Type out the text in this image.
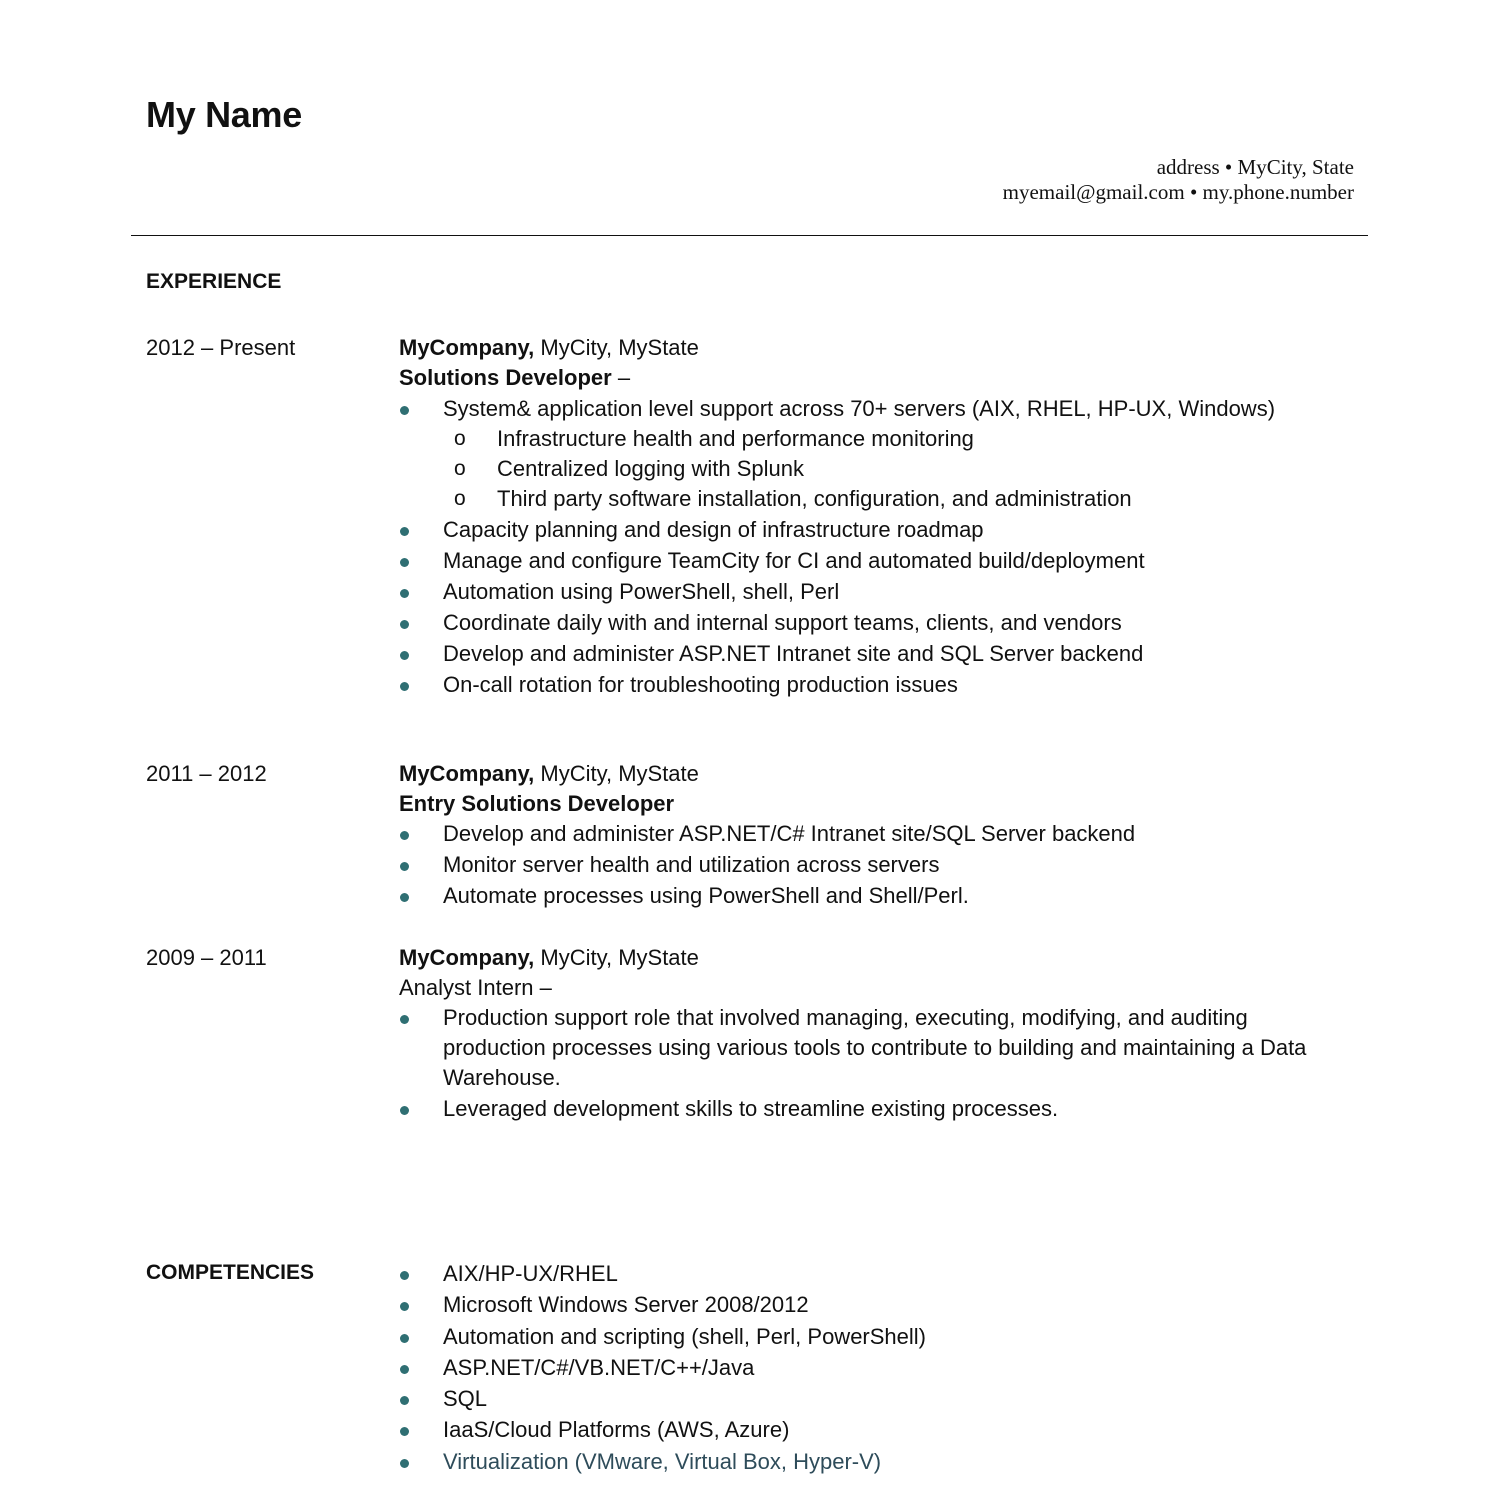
My Name
address • MyCity, State
myemail@gmail.com • my.phone.number
EXPERIENCE
2012 – Present	MyCompany, MyCity, MyState
Solutions Developer –
System& application level support across 70+ servers (AIX, RHEL, HP-UX, Windows)
o Infrastructure health and performance monitoring
o Centralized logging with Splunk
o Third party software installation, configuration, and administration
Capacity planning and design of infrastructure roadmap
Manage and configure TeamCity for CI and automated build/deployment
Automation using PowerShell, shell, Perl
Coordinate daily with and internal support teams, clients, and vendors
Develop and administer ASP.NET Intranet site and SQL Server backend
On-call rotation for troubleshooting production issues
2011 – 2012	MyCompany, MyCity, MyState
Entry Solutions Developer
Develop and administer ASP.NET/C# Intranet site/SQL Server backend
Monitor server health and utilization across servers
Automate processes using PowerShell and Shell/Perl.
2009 – 2011	MyCompany, MyCity, MyState
Analyst Intern –
Production support role that involved managing, executing, modifying, and auditing
production processes using various tools to contribute to building and maintaining a Data
Warehouse.
Leveraged development skills to streamline existing processes.
COMPETENCIES	AIX/HP-UX/RHEL
Microsoft Windows Server 2008/2012
Automation and scripting (shell, Perl, PowerShell)
ASP.NET/C#/VB.NET/C++/Java
SQL
IaaS/Cloud Platforms (AWS, Azure)
Virtualization (VMware, Virtual Box, Hyper-V)
